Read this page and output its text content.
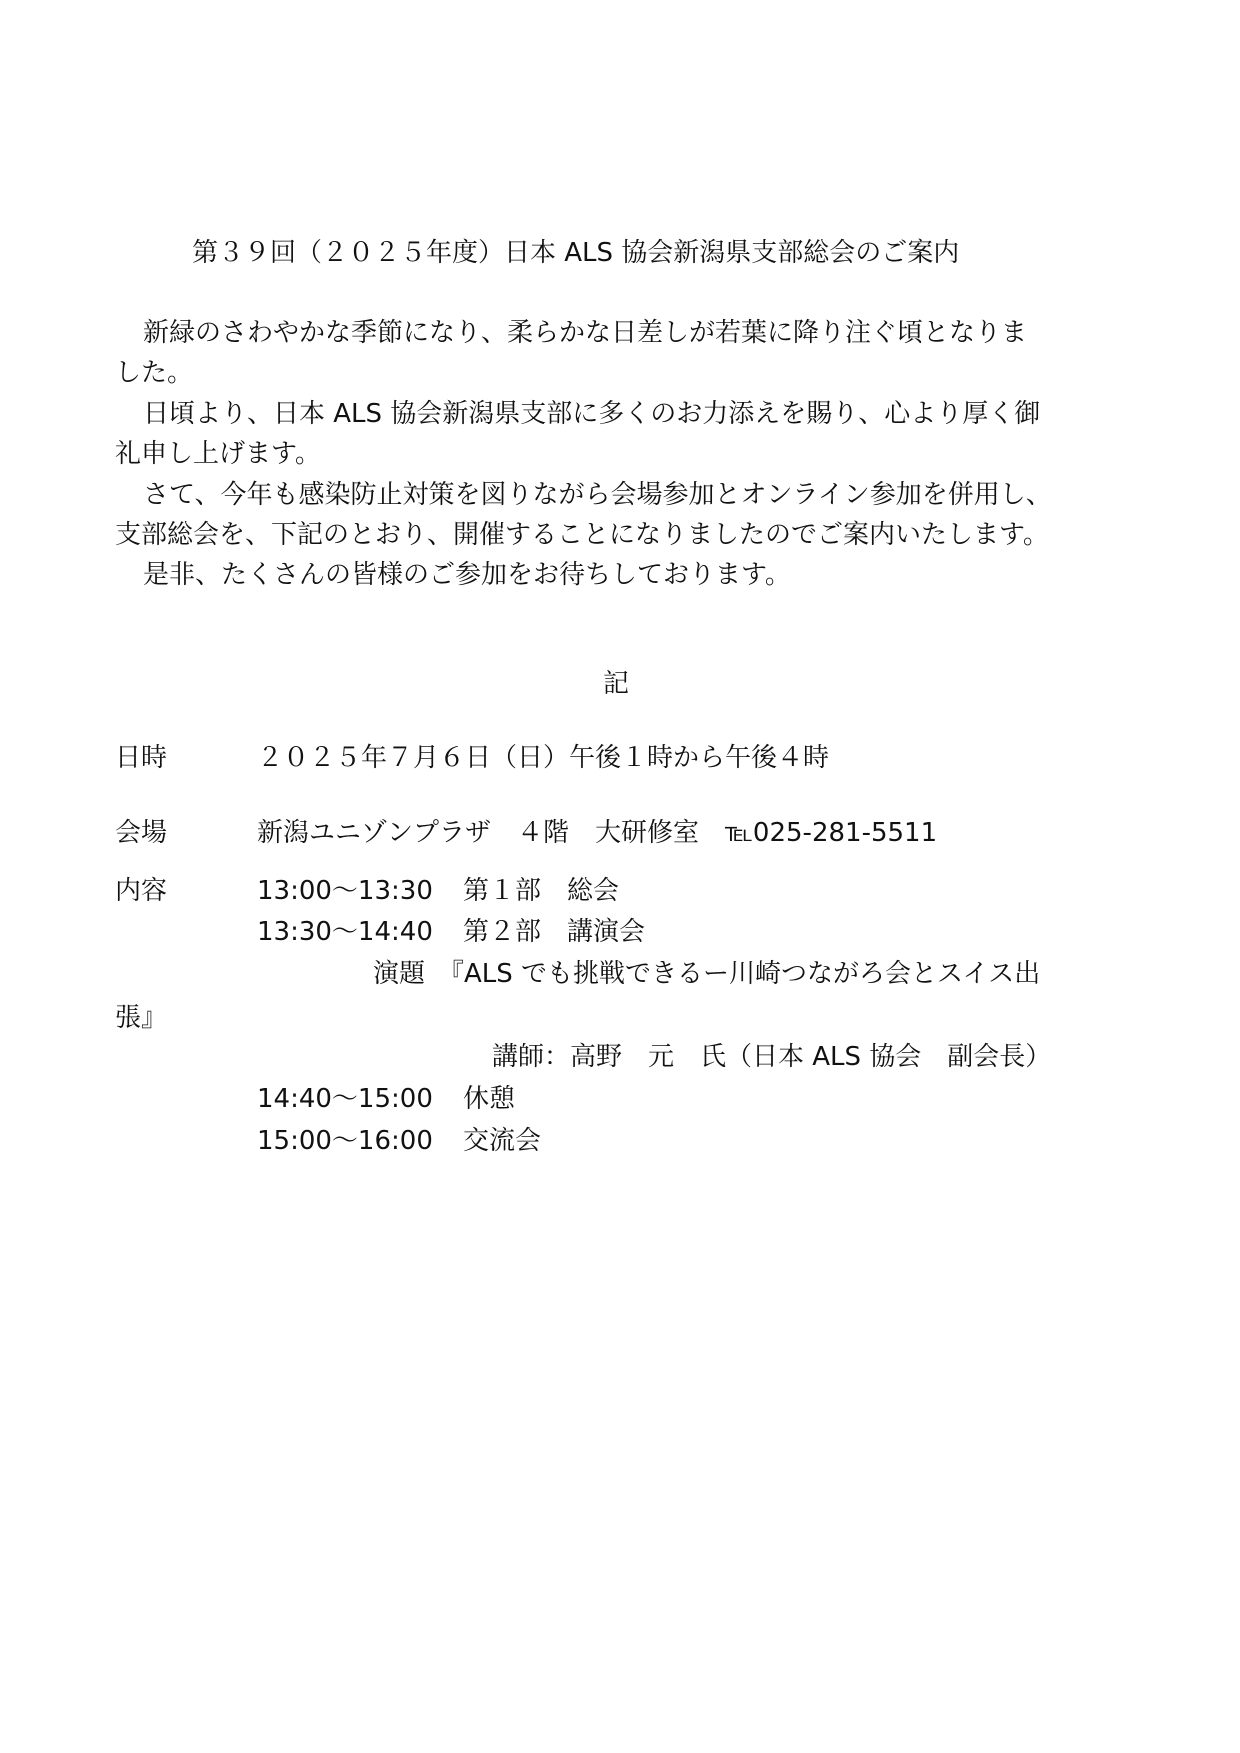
第３９回（２０２５年度）日本 ALS 協会新潟県支部総会のご案内
新緑のさわやかな季節になり、柔らかな日差しが若葉に降り注ぐ頃となりま
した。
日頃より、日本 ALS 協会新潟県支部に多くのお力添えを賜り、心より厚く御
礼申し上げます。
さて、今年も感染防止対策を図りながら会場参加とオンライン参加を併用し、
支部総会を、下記のとおり、開催することになりましたのでご案内いたします。
是非、たくさんの皆様のご参加をお待ちしております。
記
日時	２０２５年７月６日（日）午後１時から午後４時
会場	新潟ユニゾンプラザ　４階　大研修室　℡025-281-5511
内容	13:00～13:30 第１部　総会
13:30～14:40 第２部　講演会
演題　『ALS でも挑戦できるー川崎つながろ会とスイス出
張』
講師：高野　元　氏（日本 ALS 協会　副会長）
14:40～15:00 休憩
15:00～16:00 交流会
